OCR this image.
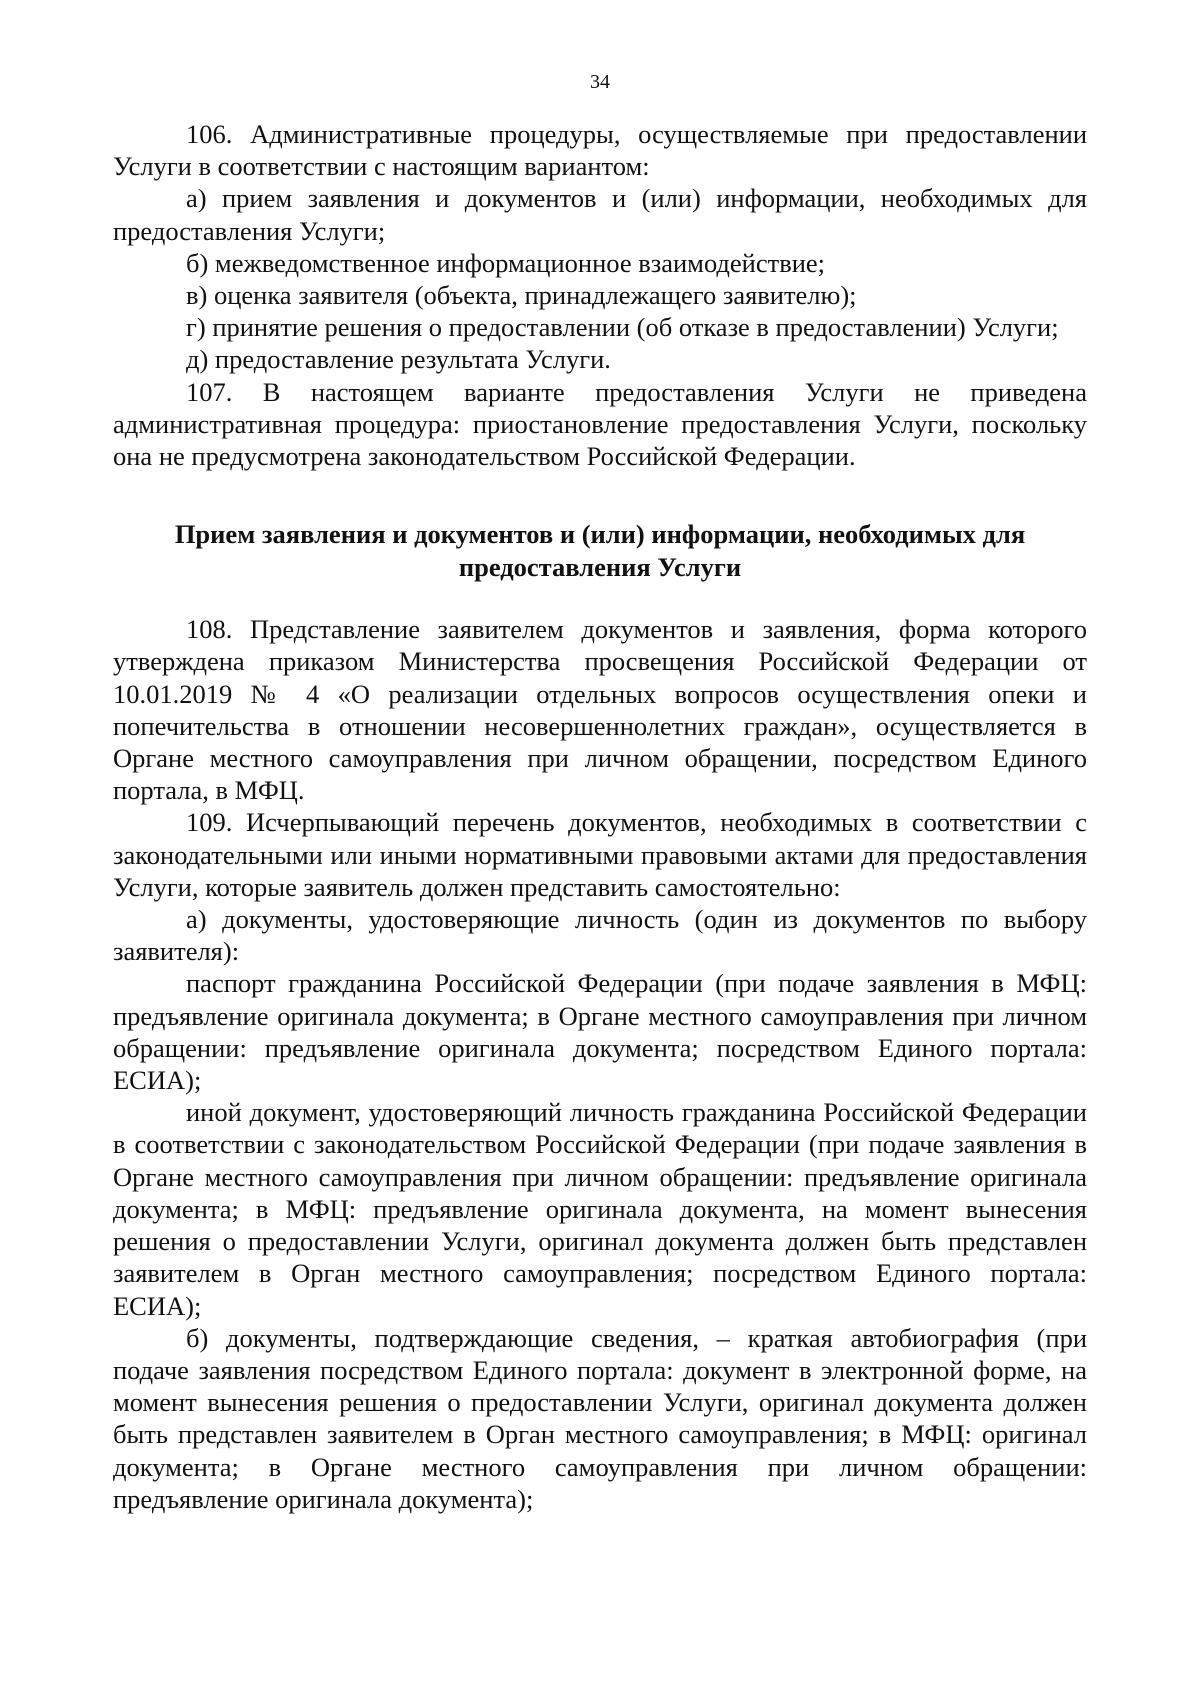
34

106. Административные процедуры, осуществляемые при предоставлении Услуги в соответствии с настоящим вариантом:

а) прием заявления и документов и (или) информации, необходимых для предоставления Услуги;

б) межведомственное информационное взаимодействие;

в) оценка заявителя (объекта, принадлежащего заявителю);

г) принятие решения о предоставлении (об отказе в предоставлении) Услуги;

д) предоставление результата Услуги.

107. В настоящем варианте предоставления Услуги не приведена административная процедура: приостановление предоставления Услуги, поскольку она не предусмотрена законодательством Российской Федерации.

Прием заявления и документов и (или) информации, необходимых для предоставления Услуги

108. Представление заявителем документов и заявления, форма которого утверждена приказом Министерства просвещения Российской Федерации от 10.01.2019 № 4 «О реализации отдельных вопросов осуществления опеки и попечительства в отношении несовершеннолетних граждан», осуществляется в Органе местного самоуправления при личном обращении, посредством Единого портала, в МФЦ.

109. Исчерпывающий перечень документов, необходимых в соответствии с законодательными или иными нормативными правовыми актами для предоставления Услуги, которые заявитель должен представить самостоятельно:

а) документы, удостоверяющие личность (один из документов по выбору заявителя):

паспорт гражданина Российской Федерации (при подаче заявления в МФЦ: предъявление оригинала документа; в Органе местного самоуправления при личном обращении: предъявление оригинала документа; посредством Единого портала: ЕСИА);

иной документ, удостоверяющий личность гражданина Российской Федерации в соответствии с законодательством Российской Федерации (при подаче заявления в Органе местного самоуправления при личном обращении: предъявление оригинала документа; в МФЦ: предъявление оригинала документа, на момент вынесения решения о предоставлении Услуги, оригинал документа должен быть представлен заявителем в Орган местного самоуправления; посредством Единого портала: ЕСИА);

б) документы, подтверждающие сведения, – краткая автобиография (при подаче заявления посредством Единого портала: документ в электронной форме, на момент вынесения решения о предоставлении Услуги, оригинал документа должен быть представлен заявителем в Орган местного самоуправления; в МФЦ: оригинал документа; в Органе местного самоуправления при личном обращении: предъявление оригинала документа);
